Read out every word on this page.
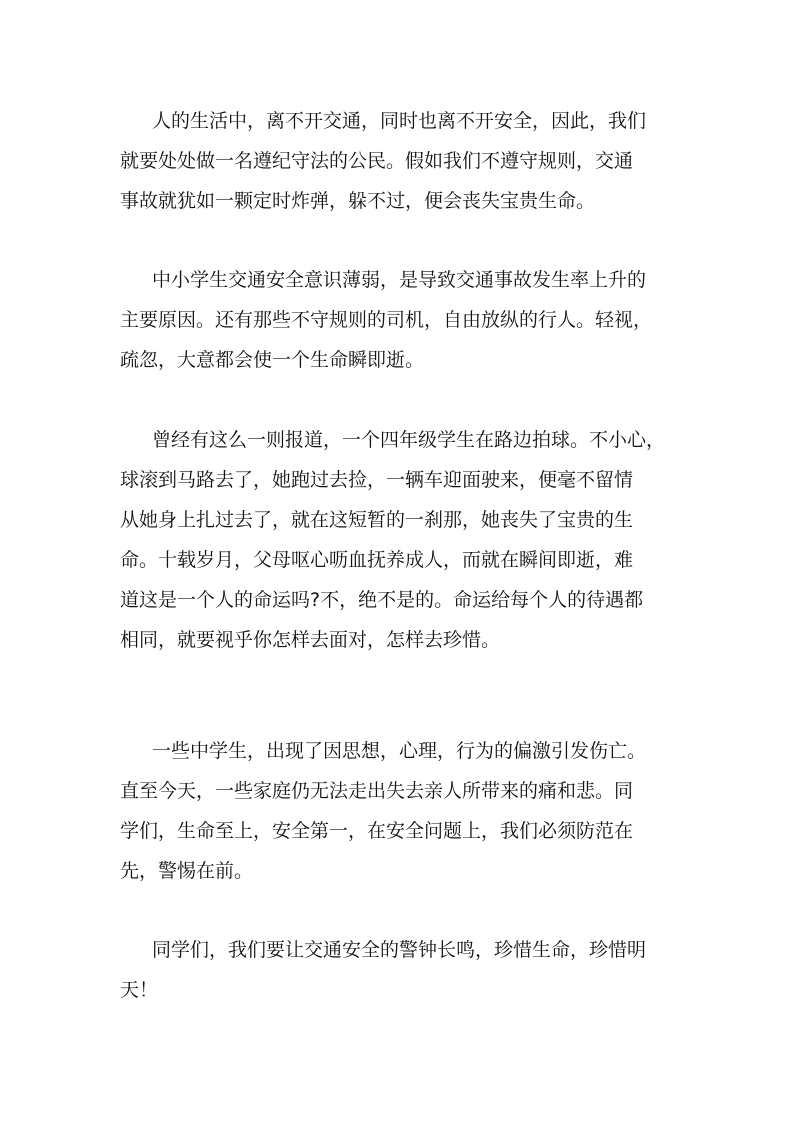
人的生活中，离不开交通，同时也离不开安全，因此，我们
就要处处做一名遵纪守法的公民。假如我们不遵守规则，交通
事故就犹如一颗定时炸弹，躲不过，便会丧失宝贵生命。
中小学生交通安全意识薄弱，是导致交通事故发生率上升的
主要原因。还有那些不守规则的司机，自由放纵的行人。轻视，
疏忽，大意都会使一个生命瞬即逝。
曾经有这么一则报道，一个四年级学生在路边拍球。不小心，
球滚到马路去了，她跑过去捡，一辆车迎面驶来，便毫不留情
从她身上扎过去了，就在这短暂的一刹那，她丧失了宝贵的生
命。十载岁月，父母呕心呖血抚养成人，而就在瞬间即逝，难
道这是一个人的命运吗?不，绝不是的。命运给每个人的待遇都
相同，就要视乎你怎样去面对，怎样去珍惜。
一些中学生，出现了因思想，心理，行为的偏激引发伤亡。
直至今天，一些家庭仍无法走出失去亲人所带来的痛和悲。同
学们，生命至上，安全第一，在安全问题上，我们必须防范在
先，警惕在前。
同学们，我们要让交通安全的警钟长鸣，珍惜生命，珍惜明
天！
